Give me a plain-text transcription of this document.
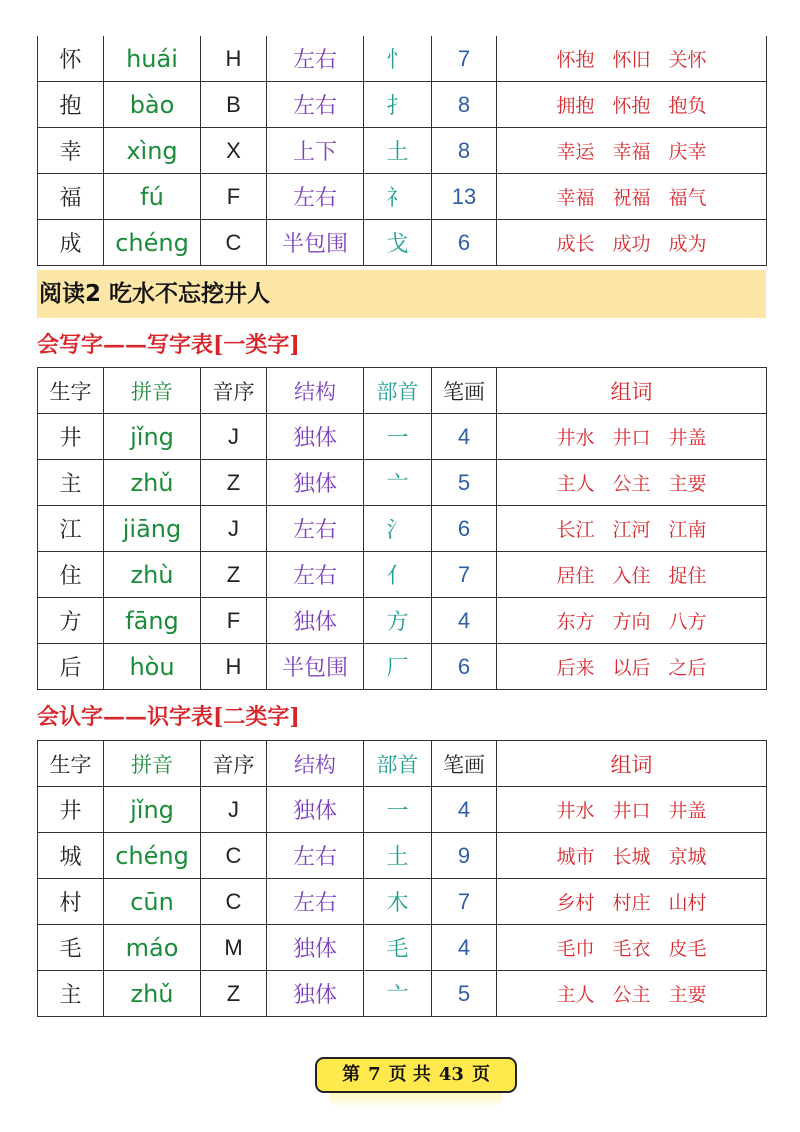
怀	huái	H	左右	忄	7	怀抱 怀旧 关怀
抱	bào	B	左右	扌	8	拥抱 怀抱 抱负
幸	xìng	X	上下	土	8	幸运 幸福 庆幸
福	fú	F	左右	礻	13	幸福 祝福 福气
成	chéng	C	半包围	戈	6	成长 成功 成为
阅读2 吃水不忘挖井人
会写字——写字表[一类字]
生字	拼音	音序	结构	部首	笔画	组词
井	jǐng	J	独体	一	4	井水 井口 井盖
主	zhǔ	Z	独体	亠	5	主人 公主 主要
江	jiāng	J	左右	氵	6	长江 江河 江南
住	zhù	Z	左右	亻	7	居住 入住 捉住
方	fāng	F	独体	方	4	东方 方向 八方
后	hòu	H	半包围	厂	6	后来 以后 之后
会认字——识字表[二类字]
生字	拼音	音序	结构	部首	笔画	组词
井	jǐng	J	独体	一	4	井水 井口 井盖
城	chéng	C	左右	土	9	城市 长城 京城
村	cūn	C	左右	木	7	乡村 村庄 山村
毛	máo	M	独体	毛	4	毛巾 毛衣 皮毛
主	zhǔ	Z	独体	亠	5	主人 公主 主要
第 7 页 共 43 页
